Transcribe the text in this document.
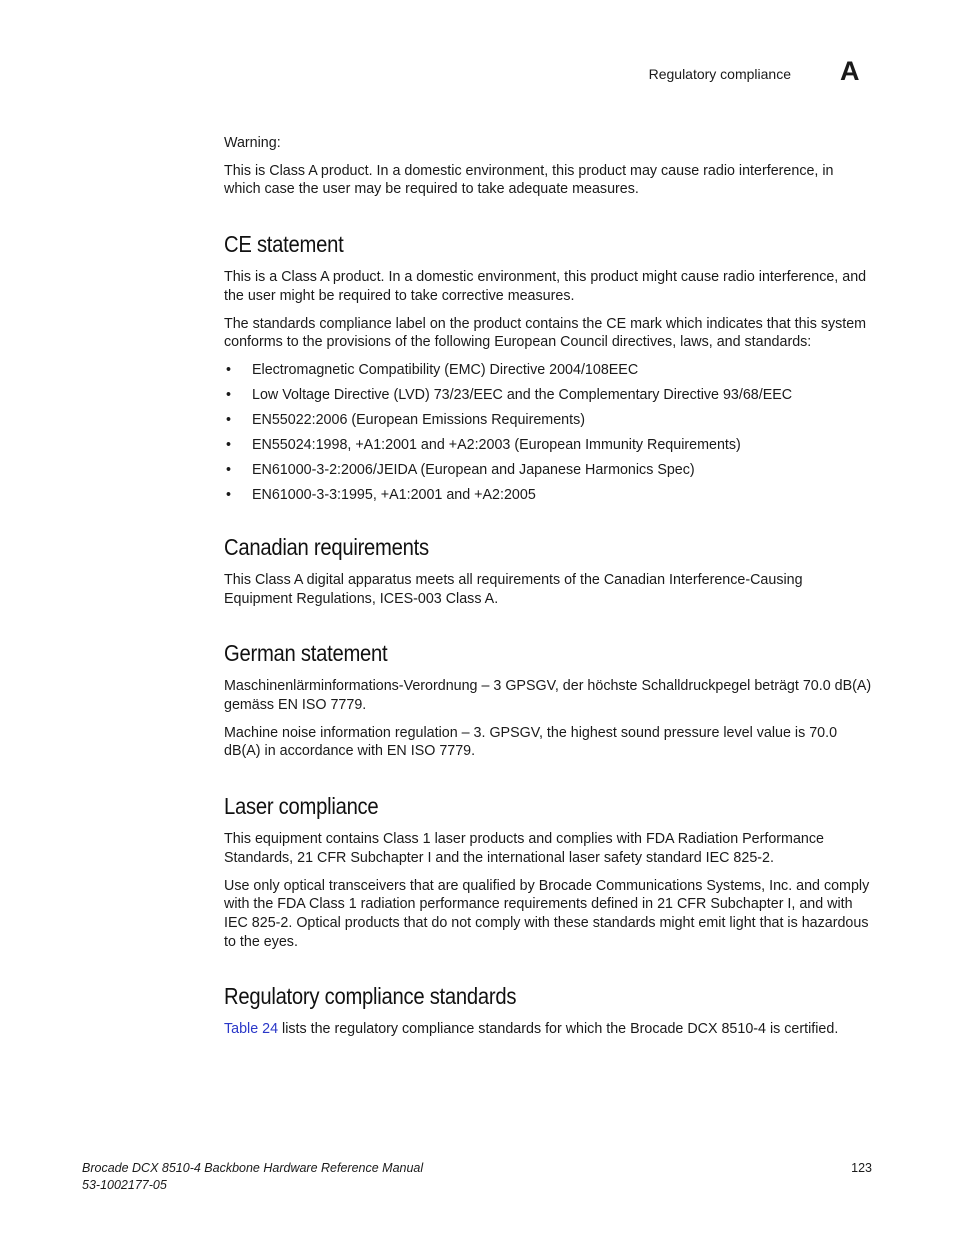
Regulatory compliance A

Warning:

This is Class A product. In a domestic environment, this product may cause radio interference, in which case the user may be required to take adequate measures.

CE statement

This is a Class A product. In a domestic environment, this product might cause radio interference, and the user might be required to take corrective measures.

The standards compliance label on the product contains the CE mark which indicates that this system conforms to the provisions of the following European Council directives, laws, and standards:

• Electromagnetic Compatibility (EMC) Directive 2004/108EEC
• Low Voltage Directive (LVD) 73/23/EEC and the Complementary Directive 93/68/EEC
• EN55022:2006 (European Emissions Requirements)
• EN55024:1998, +A1:2001 and +A2:2003 (European Immunity Requirements)
• EN61000-3-2:2006/JEIDA (European and Japanese Harmonics Spec)
• EN61000-3-3:1995, +A1:2001 and +A2:2005
Canadian requirements

This Class A digital apparatus meets all requirements of the Canadian Interference-Causing Equipment Regulations, ICES-003 Class A.

German statement

Maschinenlärminformations-Verordnung – 3 GPSGV, der höchste Schalldruckpegel beträgt 70.0 dB(A) gemäss EN ISO 7779.

Machine noise information regulation – 3. GPSGV, the highest sound pressure level value is 70.0 dB(A) in accordance with EN ISO 7779.

Laser compliance

This equipment contains Class 1 laser products and complies with FDA Radiation Performance Standards, 21 CFR Subchapter I and the international laser safety standard IEC 825-2.

Use only optical transceivers that are qualified by Brocade Communications Systems, Inc. and comply with the FDA Class 1 radiation performance requirements defined in 21 CFR Subchapter I, and with IEC 825-2. Optical products that do not comply with these standards might emit light that is hazardous to the eyes.

Regulatory compliance standards

Table 24 lists the regulatory compliance standards for which the Brocade DCX 8510-4 is certified.

Brocade DCX 8510-4 Backbone Hardware Reference Manual
53-1002177-05
123
